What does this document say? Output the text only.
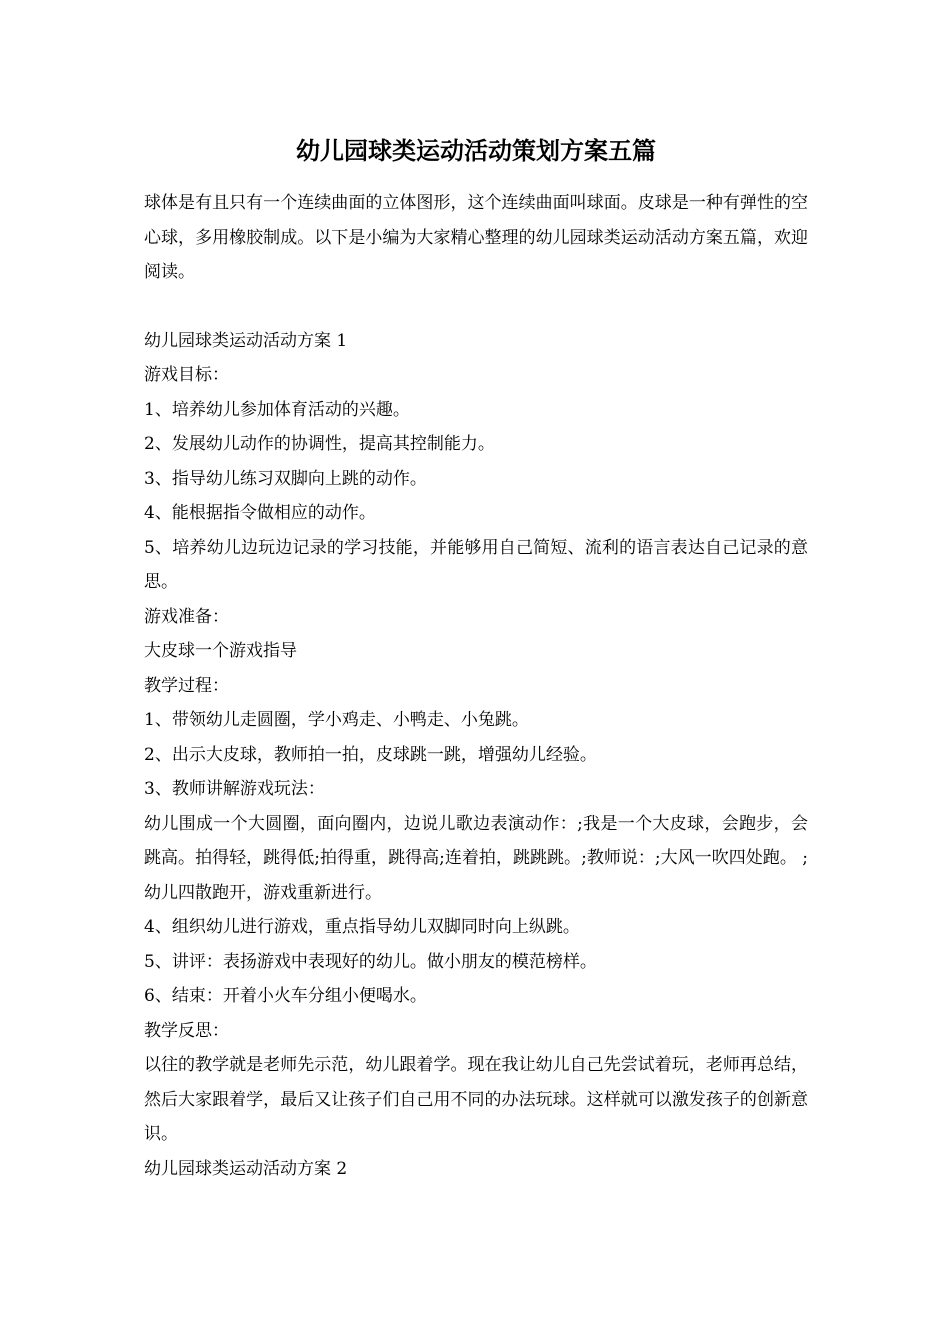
幼儿园球类运动活动策划方案五篇

球体是有且只有一个连续曲面的立体图形，这个连续曲面叫球面。皮球是一种有弹性的空心球，多用橡胶制成。以下是小编为大家精心整理的幼儿园球类运动活动方案五篇，欢迎阅读。

幼儿园球类运动活动方案 1

游戏目标：

1、培养幼儿参加体育活动的兴趣。

2、发展幼儿动作的协调性，提高其控制能力。

3、指导幼儿练习双脚向上跳的动作。

4、能根据指令做相应的动作。

5、培养幼儿边玩边记录的学习技能，并能够用自己简短、流利的语言表达自己记录的意思。

游戏准备：

大皮球一个游戏指导

教学过程：

1、带领幼儿走圆圈，学小鸡走、小鸭走、小兔跳。

2、出示大皮球，教师拍一拍，皮球跳一跳，增强幼儿经验。

3、教师讲解游戏玩法：

幼儿围成一个大圆圈，面向圈内，边说儿歌边表演动作：;我是一个大皮球，会跑步，会跳高。拍得轻，跳得低;拍得重，跳得高;连着拍，跳跳跳。;教师说：;大风一吹四处跑。 ;幼儿四散跑开，游戏重新进行。

4、组织幼儿进行游戏，重点指导幼儿双脚同时向上纵跳。

5、讲评：表扬游戏中表现好的幼儿。做小朋友的模范榜样。

6、结束：开着小火车分组小便喝水。

教学反思：

以往的教学就是老师先示范，幼儿跟着学。现在我让幼儿自己先尝试着玩，老师再总结，然后大家跟着学，最后又让孩子们自己用不同的办法玩球。这样就可以激发孩子的创新意识。

幼儿园球类运动活动方案 2
